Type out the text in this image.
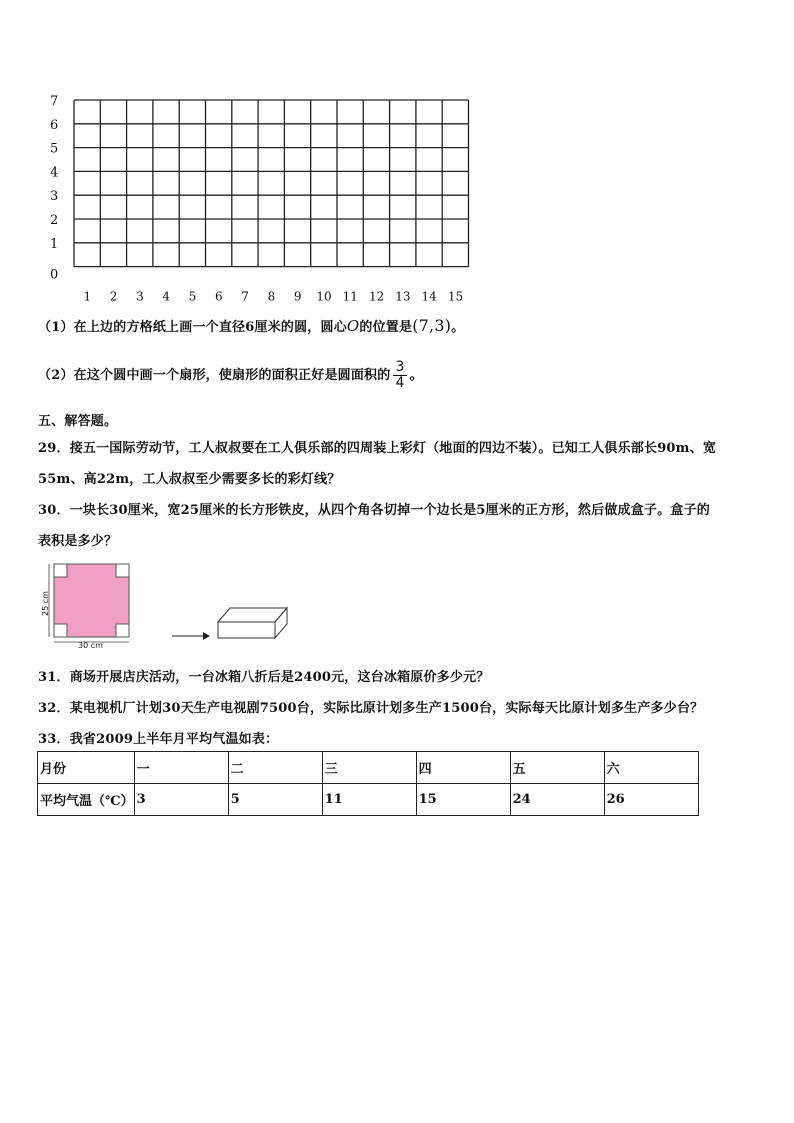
7
6
5
4
3
2
1
0
1 2 3 4 5 6 7 8 9 10 11 12 13 14 15
（1）在上边的方格纸上画一个直径6厘米的圆，圆心O的位置是(7,3)。
（2）在这个圆中画一个扇形，使扇形的面积正好是圆面积的 $\frac{3}{4}$ 。
五、解答题。
29．接五一国际劳动节，工人叔叔要在工人俱乐部的四周装上彩灯（地面的四边不装）。已知工人俱乐部长90m、宽
55m、高22m，工人叔叔至少需要多长的彩灯线？
30．一块长30厘米，宽25厘米的长方形铁皮，从四个角各切掉一个边长是5厘米的正方形，然后做成盒子。盒子的
表积是多少？
25 cm
30 cm
31．商场开展店庆活动，一台冰箱八折后是2400元，这台冰箱原价多少元？
32．某电视机厂计划30天生产电视剧7500台，实际比原计划多生产1500台，实际每天比原计划多生产多少台？
33．我省2009上半年月平均气温如表：
月份	一	二	三	四	五	六
平均气温（℃）	3	5	11	15	24	26
